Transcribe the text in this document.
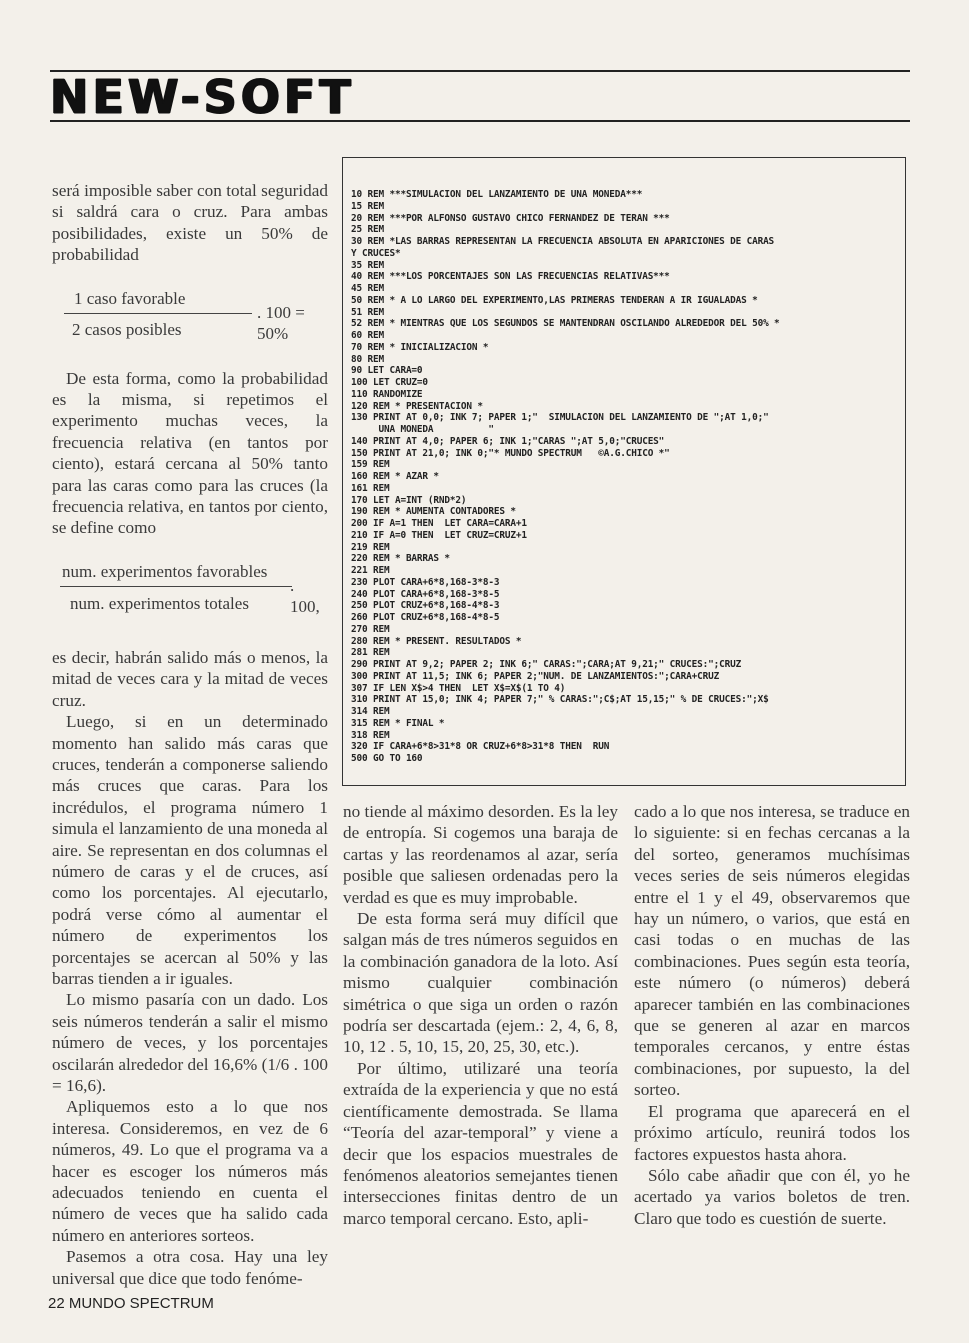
NEW-SOFT

será imposible saber con total seguridad si saldrá cara o cruz. Para ambas posibilidades, existe un 50% de probabilidad

1 caso favorable
2 casos posibles
. 100 = 50%

De esta forma, como la probabilidad es la misma, si repetimos el experimento muchas veces, la frecuencia relativa (en tantos por ciento), estará cercana al 50% tanto para las caras como para las cruces (la frecuencia relativa, en tantos por ciento, se define como

num. experimentos favorables
num. experimentos totales
. 100,

es decir, habrán salido más o menos, la mitad de veces cara y la mitad de veces cruz.

Luego, si en un determinado momento han salido más caras que cruces, tenderán a componerse saliendo más cruces que caras. Para los incrédulos, el programa número 1 simula el lanzamiento de una moneda al aire. Se representan en dos columnas el número de caras y el de cruces, así como los porcentajes. Al ejecutarlo, podrá verse cómo al aumentar el número de experimentos los porcentajes se acercan al 50% y las barras tienden a ir iguales.

Lo mismo pasaría con un dado. Los seis números tenderán a salir el mismo número de veces, y los porcentajes oscilarán alrededor del 16,6% (1/6 . 100 = 16,6).

Apliquemos esto a lo que nos interesa. Consideremos, en vez de 6 números, 49. Lo que el programa va a hacer es escoger los números más adecuados teniendo en cuenta el número de veces que ha salido cada número en anteriores sorteos.

Pasemos a otra cosa. Hay una ley universal que dice que todo fenóme-

10 REM ***SIMULACION DEL LANZAMIENTO DE UNA MONEDA***
15 REM
20 REM ***POR ALFONSO GUSTAVO CHICO FERNANDEZ DE TERAN ***
25 REM
30 REM *LAS BARRAS REPRESENTAN LA FRECUENCIA ABSOLUTA EN APARICIONES DE CARAS
Y CRUCES*
35 REM
40 REM ***LOS PORCENTAJES SON LAS FRECUENCIAS RELATIVAS***
45 REM
50 REM * A LO LARGO DEL EXPERIMENTO,LAS PRIMERAS TENDERAN A IR IGUALADAS *
51 REM
52 REM * MIENTRAS QUE LOS SEGUNDOS SE MANTENDRAN OSCILANDO ALREDEDOR DEL 50% *
60 REM
70 REM * INICIALIZACION *
80 REM
90 LET CARA=0
100 LET CRUZ=0
110 RANDOMIZE
120 REM * PRESENTACION *
130 PRINT AT 0,0; INK 7; PAPER 1;"  SIMULACION DEL LANZAMIENTO DE ";AT 1,0;"
UNA MONEDA          "
140 PRINT AT 4,0; PAPER 6; INK 1;"CARAS ";AT 5,0;"CRUCES"
150 PRINT AT 21,0; INK 0;"* MUNDO SPECTRUM   ©A.G.CHICO *"
159 REM
160 REM * AZAR *
161 REM
170 LET A=INT (RND*2)
190 REM * AUMENTA CONTADORES *
200 IF A=1 THEN  LET CARA=CARA+1
210 IF A=0 THEN  LET CRUZ=CRUZ+1
219 REM
220 REM * BARRAS *
221 REM
230 PLOT CARA+6*8,168-3*8-3
240 PLOT CARA+6*8,168-3*8-5
250 PLOT CRUZ+6*8,168-4*8-3
260 PLOT CRUZ+6*8,168-4*8-5
270 REM
280 REM * PRESENT. RESULTADOS *
281 REM
290 PRINT AT 9,2; PAPER 2; INK 6;" CARAS:";CARA;AT 9,21;" CRUCES:";CRUZ
300 PRINT AT 11,5; INK 6; PAPER 2;"NUM. DE LANZAMIENTOS:";CARA+CRUZ
307 IF LEN X$>4 THEN  LET X$=X$(1 TO 4)
310 PRINT AT 15,0; INK 4; PAPER 7;" % CARAS:";C$;AT 15,15;" % DE CRUCES:";X$
314 REM
315 REM * FINAL *
318 REM
320 IF CARA+6*8>31*8 OR CRUZ+6*8>31*8 THEN  RUN
500 GO TO 160

no tiende al máximo desorden. Es la ley de entropía. Si cogemos una baraja de cartas y las reordenamos al azar, sería posible que saliesen ordenadas pero la verdad es que es muy improbable.

De esta forma será muy difícil que salgan más de tres números seguidos en la combinación ganadora de la loto. Así mismo cualquier combinación simétrica o que siga un orden o razón podría ser descartada (ejem.: 2, 4, 6, 8, 10, 12 . 5, 10, 15, 20, 25, 30, etc.).

Por último, utilizaré una teoría extraída de la experiencia y que no está científicamente demostrada. Se llama “Teoría del azar-temporal” y viene a decir que los espacios muestrales de fenómenos aleatorios semejantes tienen intersecciones finitas dentro de un marco temporal cercano. Esto, apli-

cado a lo que nos interesa, se traduce en lo siguiente: si en fechas cercanas a la del sorteo, generamos muchísimas veces series de seis números elegidas entre el 1 y el 49, observaremos que hay un número, o varios, que está en casi todas o en muchas de las combinaciones. Pues según esta teoría, este número (o números) deberá aparecer también en las combinaciones que se generen al azar en marcos temporales cercanos, y entre éstas combinaciones, por supuesto, la del sorteo.

El programa que aparecerá en el próximo artículo, reunirá todos los factores expuestos hasta ahora.

Sólo cabe añadir que con él, yo he acertado ya varios boletos de tren. Claro que todo es cuestión de suerte.

22 MUNDO SPECTRUM
